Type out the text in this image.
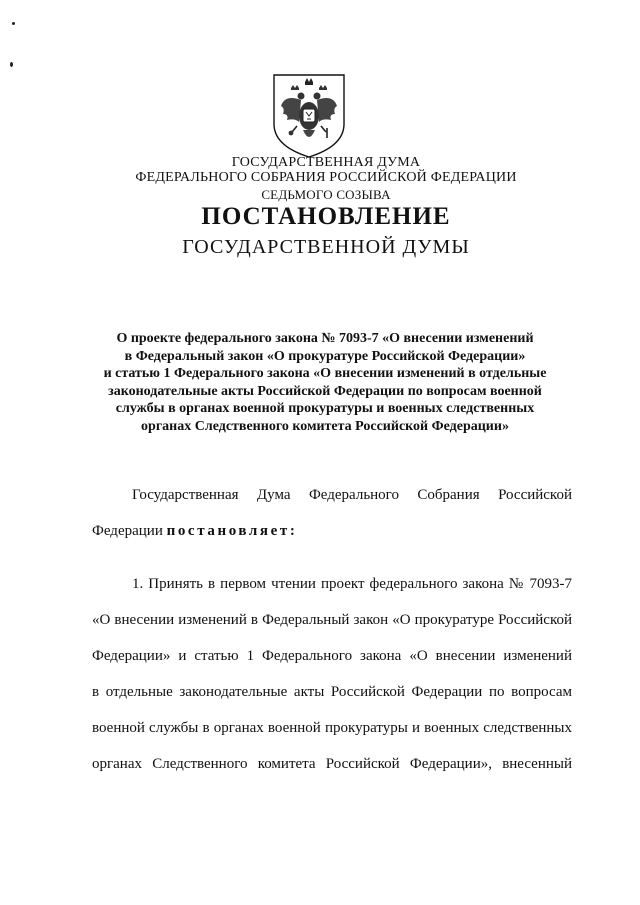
ГОСУДАРСТВЕННАЯ ДУМА
ФЕДЕРАЛЬНОГО СОБРАНИЯ РОССИЙСКОЙ ФЕДЕРАЦИИ
СЕДЬМОГО СОЗЫВА
ПОСТАНОВЛЕНИЕ
ГОСУДАРСТВЕННОЙ ДУМЫ
О проекте федерального закона № 7093-7 «О внесении изменений
в Федеральный закон «О прокуратуре Российской Федерации»
и статью 1 Федерального закона «О внесении изменений в отдельные
законодательные акты Российской Федерации по вопросам военной
службы в органах военной прокуратуры и военных следственных
органах Следственного комитета Российской Федерации»
Государственная Дума Федерального Собрания Российской
Федерации постановляет:
1. Принять в первом чтении проект федерального закона № 7093-7
«О внесении изменений в Федеральный закон «О прокуратуре Российской
Федерации» и статью 1 Федерального закона «О внесении изменений
в отдельные законодательные акты Российской Федерации по вопросам
военной службы в органах военной прокуратуры и военных следственных
органах Следственного комитета Российской Федерации», внесенный
